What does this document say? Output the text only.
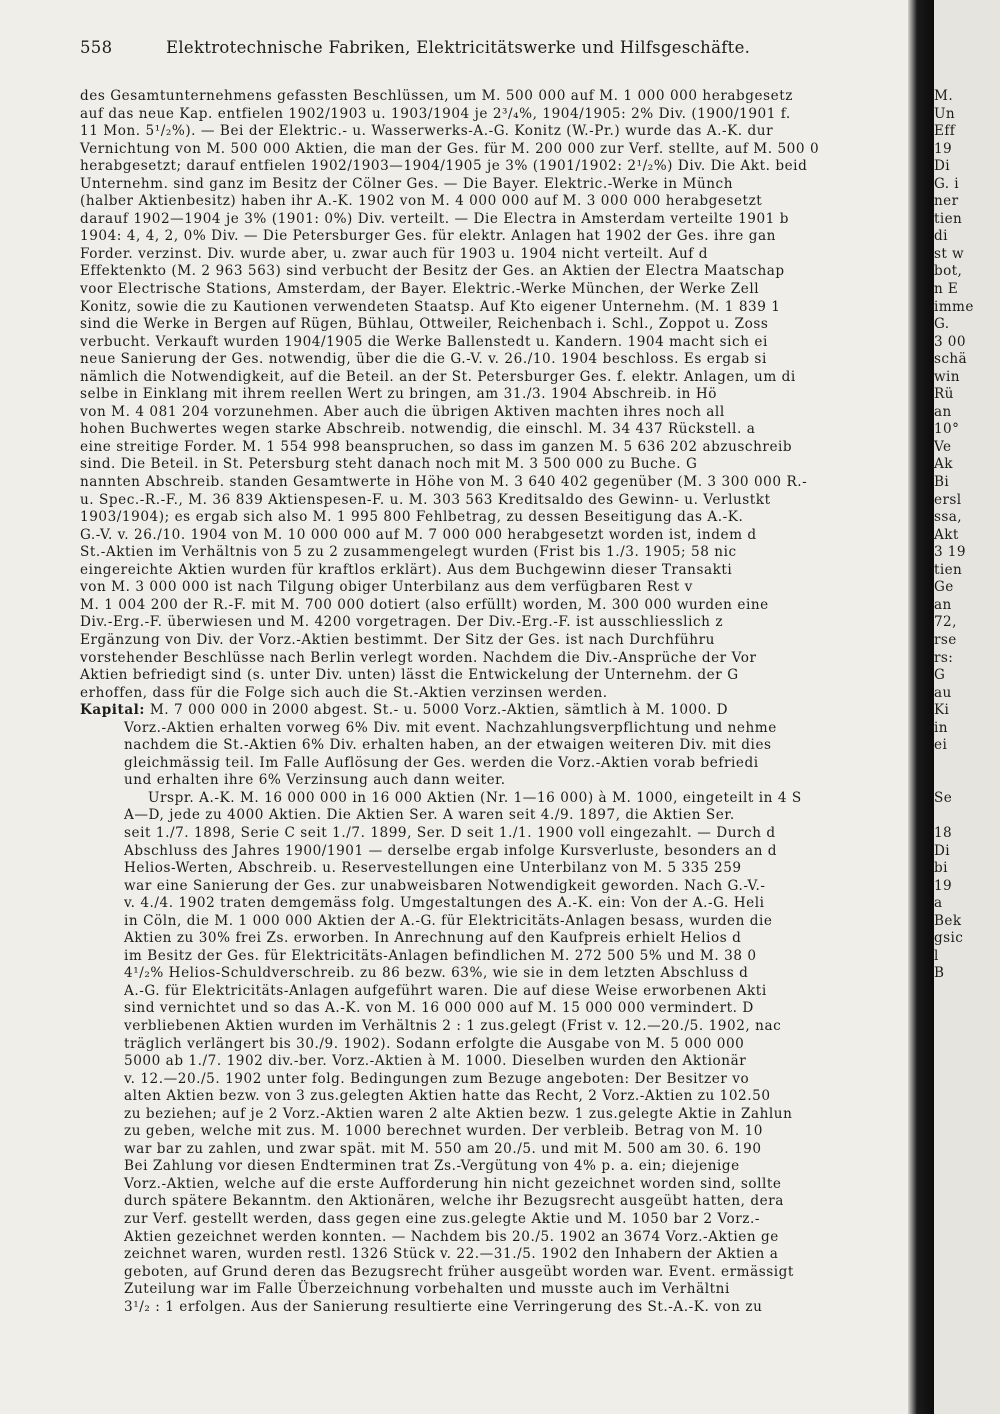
558	Elektrotechnische Fabriken, Elektricitätswerke und Hilfsgeschäfte.
des Gesamtunternehmens gefassten Beschlüssen, um M. 500 000 auf M. 1 000 000 herabgesetz
auf das neue Kap. entfielen 1902/1903 u. 1903/1904 je 2³/₄%, 1904/1905: 2% Div. (1900/1901 f.
11 Mon. 5¹/₂%). — Bei der Elektric.- u. Wasserwerks-A.-G. Konitz (W.-Pr.) wurde das A.-K. dur
Vernichtung von M. 500 000 Aktien, die man der Ges. für M. 200 000 zur Verf. stellte, auf M. 500 0
herabgesetzt; darauf entfielen 1902/1903—1904/1905 je 3% (1901/1902: 2¹/₂%) Div. Die Akt. beid
Unternehm. sind ganz im Besitz der Cölner Ges. — Die Bayer. Elektric.-Werke in Münch
(halber Aktienbesitz) haben ihr A.-K. 1902 von M. 4 000 000 auf M. 3 000 000 herabgesetzt
darauf 1902—1904 je 3% (1901: 0%) Div. verteilt. — Die Electra in Amsterdam verteilte 1901 b
1904: 4, 4, 2, 0% Div. — Die Petersburger Ges. für elektr. Anlagen hat 1902 der Ges. ihre gan
Forder. verzinst. Div. wurde aber, u. zwar auch für 1903 u. 1904 nicht verteilt. Auf d
Effektenkto (M. 2 963 563) sind verbucht der Besitz der Ges. an Aktien der Electra Maatschap
voor Electrische Stations, Amsterdam, der Bayer. Elektric.-Werke München, der Werke Zell
Konitz, sowie die zu Kautionen verwendeten Staatsp. Auf Kto eigener Unternehm. (M. 1 839 1
sind die Werke in Bergen auf Rügen, Bühlau, Ottweiler, Reichenbach i. Schl., Zoppot u. Zoss
verbucht. Verkauft wurden 1904/1905 die Werke Ballenstedt u. Kandern. 1904 macht sich ei
neue Sanierung der Ges. notwendig, über die die G.-V. v. 26./10. 1904 beschloss. Es ergab si
nämlich die Notwendigkeit, auf die Beteil. an der St. Petersburger Ges. f. elektr. Anlagen, um di
selbe in Einklang mit ihrem reellen Wert zu bringen, am 31./3. 1904 Abschreib. in Hö
von M. 4 081 204 vorzunehmen. Aber auch die übrigen Aktiven machten ihres noch all
hohen Buchwertes wegen starke Abschreib. notwendig, die einschl. M. 34 437 Rückstell. a
eine streitige Forder. M. 1 554 998 beanspruchen, so dass im ganzen M. 5 636 202 abzuschreib
sind. Die Beteil. in St. Petersburg steht danach noch mit M. 3 500 000 zu Buche. G
nannten Abschreib. standen Gesamtwerte in Höhe von M. 3 640 402 gegenüber (M. 3 300 000 R.-
u. Spec.-R.-F., M. 36 839 Aktienspesen-F. u. M. 303 563 Kreditsaldo des Gewinn- u. Verlustkt
1903/1904); es ergab sich also M. 1 995 800 Fehlbetrag, zu dessen Beseitigung das A.-K.
G.-V. v. 26./10. 1904 von M. 10 000 000 auf M. 7 000 000 herabgesetzt worden ist, indem d
St.-Aktien im Verhältnis von 5 zu 2 zusammengelegt wurden (Frist bis 1./3. 1905; 58 nic
eingereichte Aktien wurden für kraftlos erklärt). Aus dem Buchgewinn dieser Transakti
von M. 3 000 000 ist nach Tilgung obiger Unterbilanz aus dem verfügbaren Rest v
M. 1 004 200 der R.-F. mit M. 700 000 dotiert (also erfüllt) worden, M. 300 000 wurden eine
Div.-Erg.-F. überwiesen und M. 4200 vorgetragen. Der Div.-Erg.-F. ist ausschliesslich z
Ergänzung von Div. der Vorz.-Aktien bestimmt. Der Sitz der Ges. ist nach Durchführu
vorstehender Beschlüsse nach Berlin verlegt worden. Nachdem die Div.-Ansprüche der Vor
Aktien befriedigt sind (s. unter Div. unten) lässt die Entwickelung der Unternehm. der G
erhoffen, dass für die Folge sich auch die St.-Aktien verzinsen werden.
Kapital: M. 7 000 000 in 2000 abgest. St.- u. 5000 Vorz.-Aktien, sämtlich à M. 1000. D
Vorz.-Aktien erhalten vorweg 6% Div. mit event. Nachzahlungsverpflichtung und nehme
nachdem die St.-Aktien 6% Div. erhalten haben, an der etwaigen weiteren Div. mit dies
gleichmässig teil. Im Falle Auflösung der Ges. werden die Vorz.-Aktien vorab befriedi
und erhalten ihre 6% Verzinsung auch dann weiter.
Urspr. A.-K. M. 16 000 000 in 16 000 Aktien (Nr. 1—16 000) à M. 1000, eingeteilt in 4 S
A—D, jede zu 4000 Aktien. Die Aktien Ser. A waren seit 4./9. 1897, die Aktien Ser.
seit 1./7. 1898, Serie C seit 1./7. 1899, Ser. D seit 1./1. 1900 voll eingezahlt. — Durch d
Abschluss des Jahres 1900/1901 — derselbe ergab infolge Kursverluste, besonders an d
Helios-Werten, Abschreib. u. Reservestellungen eine Unterbilanz von M. 5 335 259
war eine Sanierung der Ges. zur unabweisbaren Notwendigkeit geworden. Nach G.-V.-
v. 4./4. 1902 traten demgemäss folg. Umgestaltungen des A.-K. ein: Von der A.-G. Heli
in Cöln, die M. 1 000 000 Aktien der A.-G. für Elektricitäts-Anlagen besass, wurden die
Aktien zu 30% frei Zs. erworben. In Anrechnung auf den Kaufpreis erhielt Helios d
im Besitz der Ges. für Elektricitäts-Anlagen befindlichen M. 272 500 5% und M. 38 0
4¹/₂% Helios-Schuldverschreib. zu 86 bezw. 63%, wie sie in dem letzten Abschluss d
A.-G. für Elektricitäts-Anlagen aufgeführt waren. Die auf diese Weise erworbenen Akti
sind vernichtet und so das A.-K. von M. 16 000 000 auf M. 15 000 000 vermindert. D
verbliebenen Aktien wurden im Verhältnis 2 : 1 zus.gelegt (Frist v. 12.—20./5. 1902, nac
träglich verlängert bis 30./9. 1902). Sodann erfolgte die Ausgabe von M. 5 000 000
5000 ab 1./7. 1902 div.-ber. Vorz.-Aktien à M. 1000. Dieselben wurden den Aktionär
v. 12.—20./5. 1902 unter folg. Bedingungen zum Bezuge angeboten: Der Besitzer vo
alten Aktien bezw. von 3 zus.gelegten Aktien hatte das Recht, 2 Vorz.-Aktien zu 102.50
zu beziehen; auf je 2 Vorz.-Aktien waren 2 alte Aktien bezw. 1 zus.gelegte Aktie in Zahlun
zu geben, welche mit zus. M. 1000 berechnet wurden. Der verbleib. Betrag von M. 10
war bar zu zahlen, und zwar spät. mit M. 550 am 20./5. und mit M. 500 am 30. 6. 190
Bei Zahlung vor diesen Endterminen trat Zs.-Vergütung von 4% p. a. ein; diejenige
Vorz.-Aktien, welche auf die erste Aufforderung hin nicht gezeichnet worden sind, sollte
durch spätere Bekanntm. den Aktionären, welche ihr Bezugsrecht ausgeübt hatten, dera
zur Verf. gestellt werden, dass gegen eine zus.gelegte Aktie und M. 1050 bar 2 Vorz.-
Aktien gezeichnet werden konnten. — Nachdem bis 20./5. 1902 an 3674 Vorz.-Aktien ge
zeichnet waren, wurden restl. 1326 Stück v. 22.—31./5. 1902 den Inhabern der Aktien a
geboten, auf Grund deren das Bezugsrecht früher ausgeübt worden war. Event. ermässigt
Zuteilung war im Falle Überzeichnung vorbehalten und musste auch im Verhältni
3¹/₂ : 1 erfolgen. Aus der Sanierung resultierte eine Verringerung des St.-A.-K. von zu
M.
Un
Eff
19
Di
G. i
ner
tien
di
st w
bot,
n E
imme
G.
3 00
schä
win
Rü
an
10°
Ve
Ak
Bi
ersl
ssa,
Akt
3 19
tien
Ge
an
72,
rse
rs:
G
au
Ki
in
ei
Se
18
Di
bi
19
a
Bek
gsic
l
B
